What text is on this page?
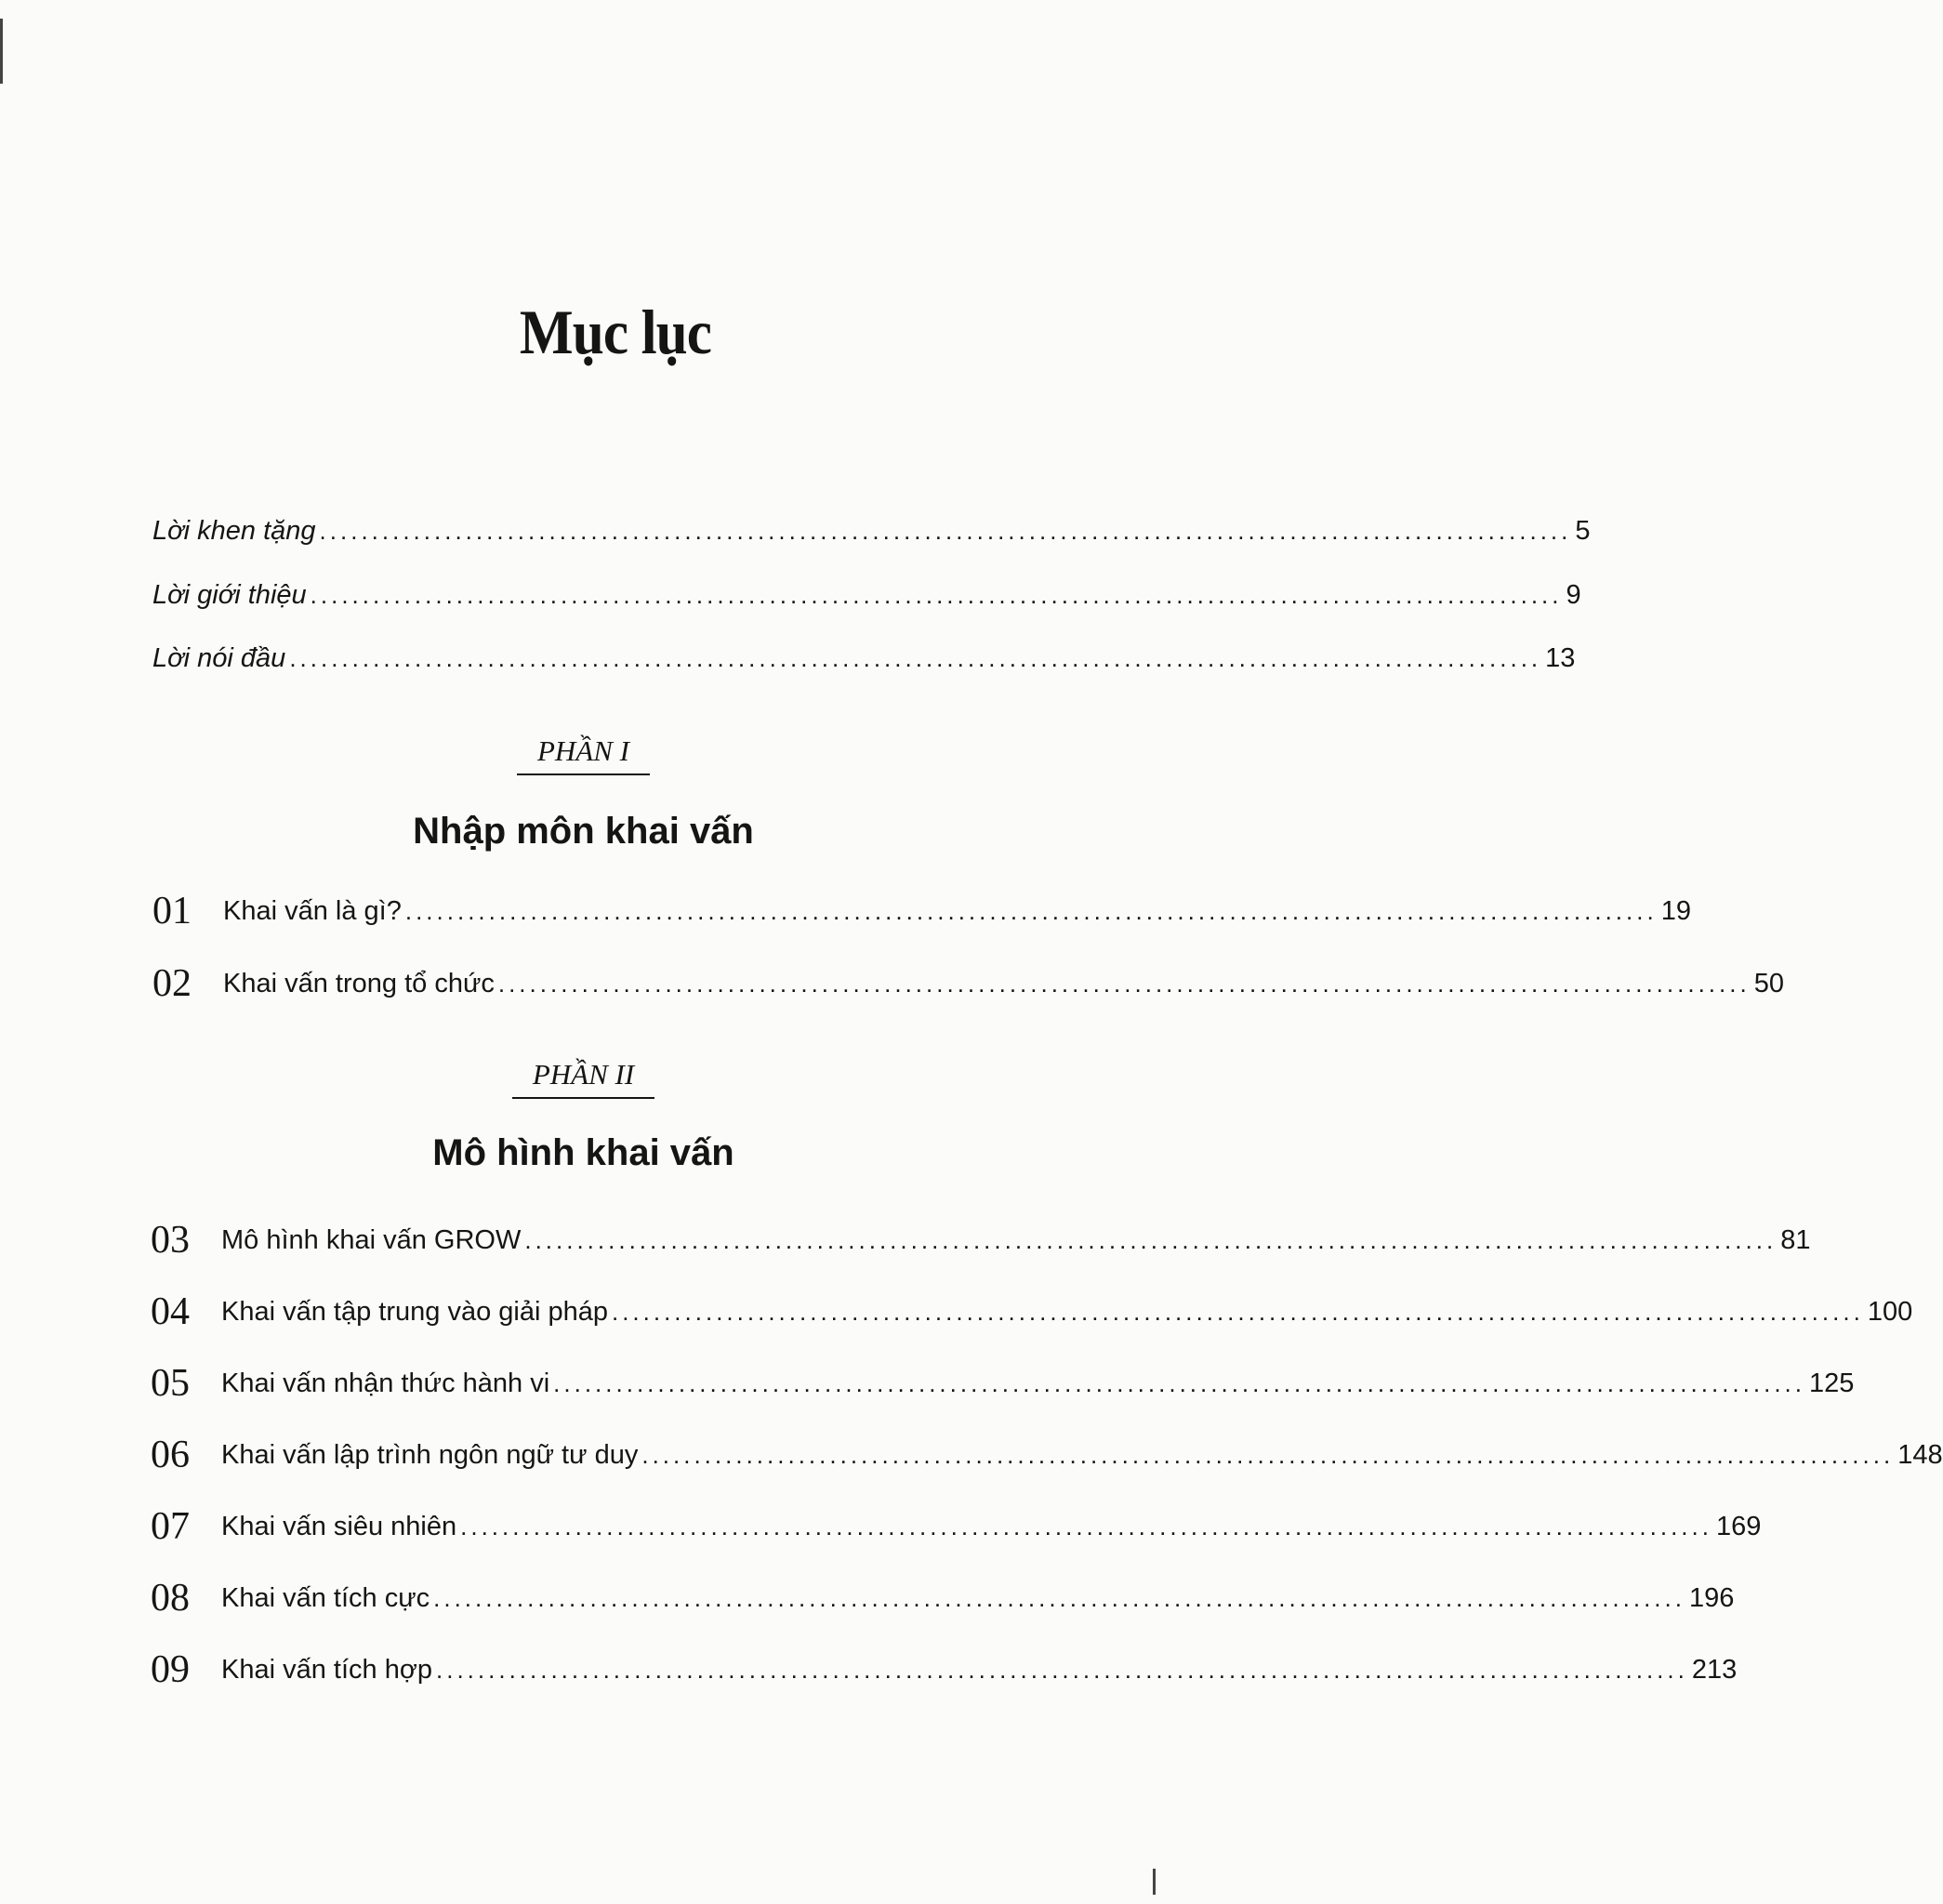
Mục lục
Lời khen tặng ........................................................................................................................ 5
Lời giới thiệu ........................................................................................................................ 9
Lời nói đầu ........................................................................................................................ 13
PHẦN I
Nhập môn khai vấn
01 Khai vấn là gì? ........................................................................................................................ 19
02 Khai vấn trong tổ chức ........................................................................................................................ 50
PHẦN II
Mô hình khai vấn
03 Mô hình khai vấn GROW ........................................................................................................................ 81
04 Khai vấn tập trung vào giải pháp ........................................................................................................................ 100
05 Khai vấn nhận thức hành vi ........................................................................................................................ 125
06 Khai vấn lập trình ngôn ngữ tư duy ........................................................................................................................ 148
07 Khai vấn siêu nhiên ........................................................................................................................ 169
08 Khai vấn tích cực ........................................................................................................................ 196
09 Khai vấn tích hợp ........................................................................................................................ 213
